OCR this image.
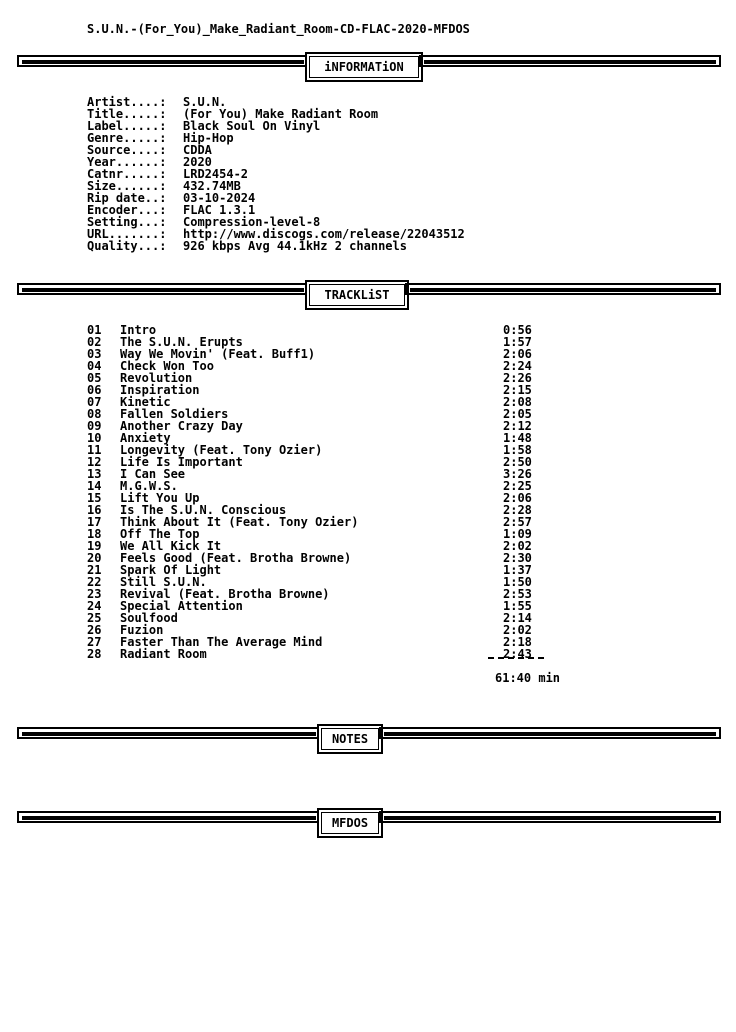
S.U.N.-(For_You)_Make_Radiant_Room-CD-FLAC-2020-MFDOS
iNFORMATiON
Artist....: S.U.N.
Title.....: (For You) Make Radiant Room
Label.....: Black Soul On Vinyl
Genre.....: Hip-Hop
Source....: CDDA
Year......: 2020
Catnr.....: LRD2454-2
Size......: 432.74MB
Rip date..: 03-10-2024
Encoder...: FLAC 1.3.1
Setting...: Compression-level-8
URL.......: http://www.discogs.com/release/22043512
Quality...: 926 kbps Avg 44.1kHz 2 channels
TRACKLiST
01 Intro	0:56
02 The S.U.N. Erupts	1:57
03 Way We Movin' (Feat. Buff1)	2:06
04 Check Won Too	2:24
05 Revolution	2:26
06 Inspiration	2:15
07 Kinetic	2:08
08 Fallen Soldiers	2:05
09 Another Crazy Day	2:12
10 Anxiety	1:48
11 Longevity (Feat. Tony Ozier)	1:58
12 Life Is Important	2:50
13 I Can See	3:26
14 M.G.W.S.	2:25
15 Lift You Up	2:06
16 Is The S.U.N. Conscious	2:28
17 Think About It (Feat. Tony Ozier)	2:57
18 Off The Top	1:09
19 We All Kick It	2:02
20 Feels Good (Feat. Brotha Browne)	2:30
21 Spark Of Light	1:37
22 Still S.U.N.	1:50
23 Revival (Feat. Brotha Browne)	2:53
24 Special Attention	1:55
25 Soulfood	2:14
26 Fuzion	2:02
27 Faster Than The Average Mind	2:18
28 Radiant Room	2:43
61:40 min
NOTES
MFDOS
